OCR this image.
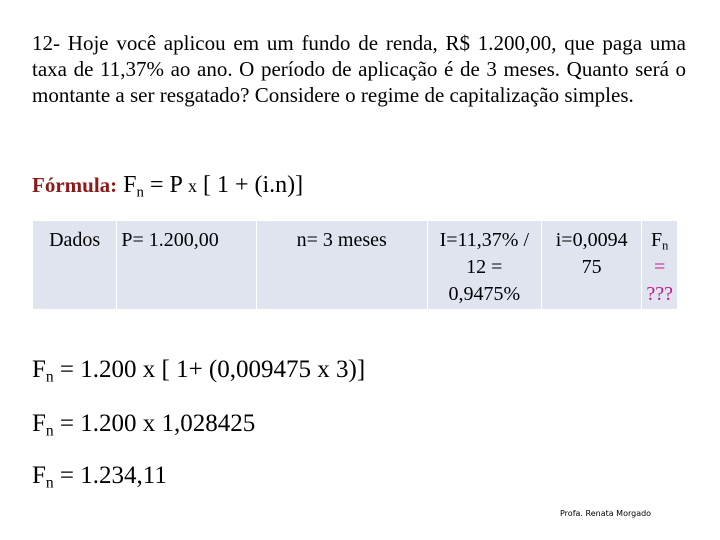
12- Hoje você aplicou em um fundo de renda, R$ 1.200,00, que paga uma taxa de 11,37% ao ano. O período de aplicação é de 3 meses. Quanto será o montante a ser resgatado? Considere o regime de capitalização simples.

Fórmula: $F_n = P$ x [ 1 + (i.n)]
Dados	P= 1.200,00	n= 3 meses	I=11,37% / 12 = 0,9475%	i=0,0094 75	$F_n$ = ???
$F_n = 1.200$ x [ 1+ (0,009475 x 3)]
$F_n = 1.200$ x 1,028425
$F_n = 1.234,11$
Profa. Renata Morgado
